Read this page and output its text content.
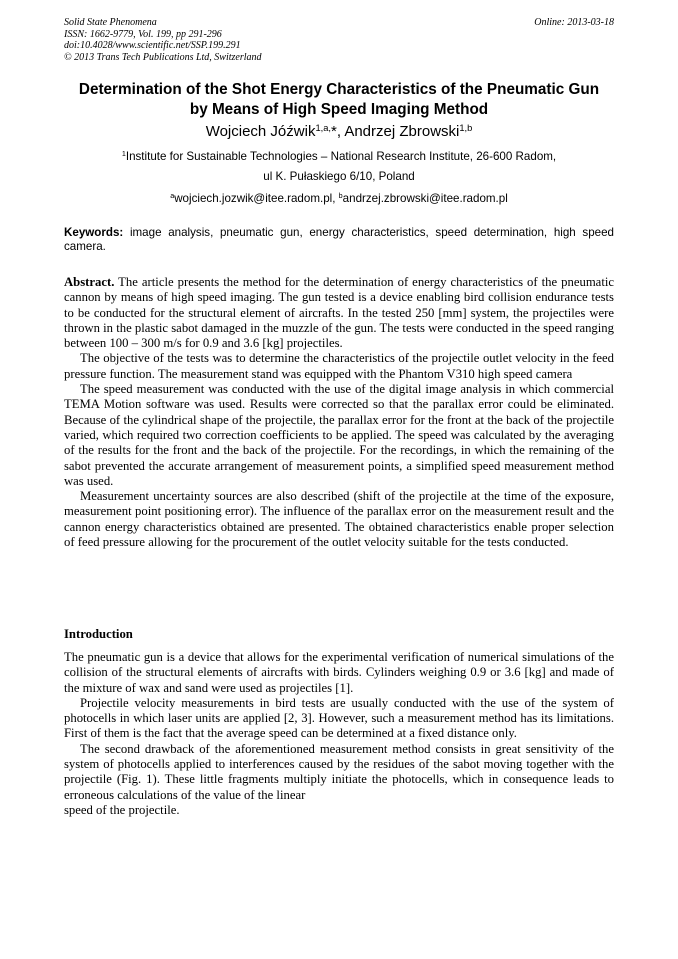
Solid State Phenomena
ISSN: 1662-9779, Vol. 199, pp 291-296
doi:10.4028/www.scientific.net/SSP.199.291
© 2013 Trans Tech Publications Ltd, Switzerland
Online: 2013-03-18
Determination of the Shot Energy Characteristics of the Pneumatic Gun
by Means of High Speed Imaging Method
Wojciech Jóźwik$^{1,a,}$*, Andrzej Zbrowski$^{1,b}$
$^1$Institute for Sustainable Technologies – National Research Institute, 26-600 Radom,
ul K. Pułaskiego 6/10, Poland
$^a$wojciech.jozwik@itee.radom.pl, $^b$andrzej.zbrowski@itee.radom.pl
Keywords: image analysis, pneumatic gun, energy characteristics, speed determination, high speed camera.

Abstract. The article presents the method for the determination of energy characteristics of the pneumatic cannon by means of high speed imaging. The gun tested is a device enabling bird collision endurance tests to be conducted for the structural element of aircrafts. In the tested 250 [mm] system, the projectiles were thrown in the plastic sabot damaged in the muzzle of the gun. The tests were conducted in the speed ranging between 100 – 300 m/s for 0.9 and 3.6 [kg] projectiles.

The objective of the tests was to determine the characteristics of the projectile outlet velocity in the feed pressure function. The measurement stand was equipped with the Phantom V310 high speed camera

The speed measurement was conducted with the use of the digital image analysis in which commercial TEMA Motion software was used. Results were corrected so that the parallax error could be eliminated. Because of the cylindrical shape of the projectile, the parallax error for the front at the back of the projectile varied, which required two correction coefficients to be applied. The speed was calculated by the averaging of the results for the front and the back of the projectile. For the recordings, in which the remaining of the sabot prevented the accurate arrangement of measurement points, a simplified speed measurement method was used.

Measurement uncertainty sources are also described (shift of the projectile at the time of the exposure, measurement point positioning error). The influence of the parallax error on the measurement result and the cannon energy characteristics obtained are presented. The obtained characteristics enable proper selection of feed pressure allowing for the procurement of the outlet velocity suitable for the tests conducted.

Introduction

The pneumatic gun is a device that allows for the experimental verification of numerical simulations of the collision of the structural elements of aircrafts with birds. Cylinders weighing 0.9 or 3.6 [kg] and made of the mixture of wax and sand were used as projectiles [1].

Projectile velocity measurements in bird tests are usually conducted with the use of the system of photocells in which laser units are applied [2, 3]. However, such a measurement method has its limitations. First of them is the fact that the average speed can be determined at a fixed distance only.

The second drawback of the aforementioned measurement method consists in great sensitivity of the system of photocells applied to interferences caused by the residues of the sabot moving together with the projectile (Fig. 1). These little fragments multiply initiate the photocells, which in consequence leads to erroneous calculations of the value of the linear

speed of the projectile.
